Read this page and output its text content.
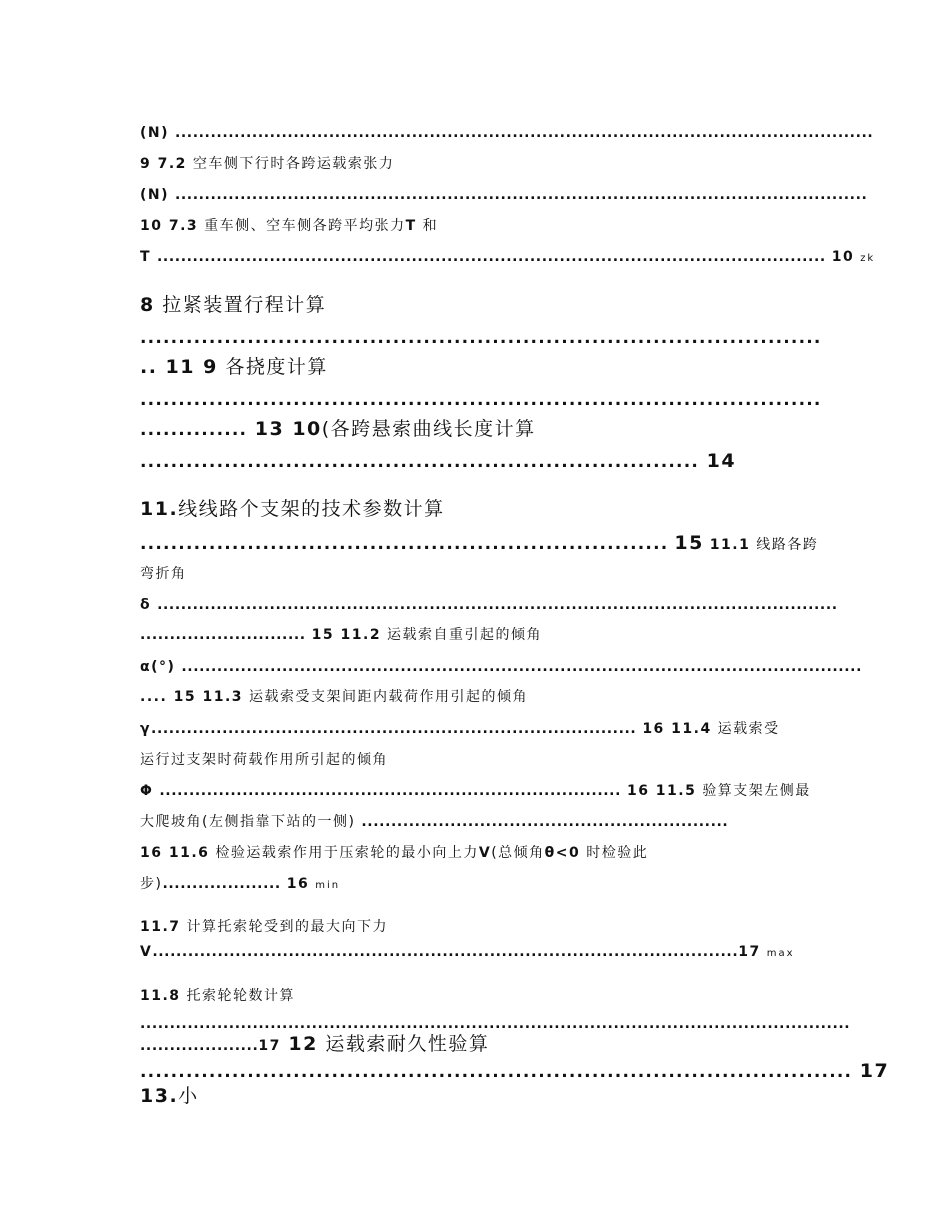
(N) ......................................................................................................................
9 7.2 空车侧下行时各跨运载索张力
(N) .....................................................................................................................
10 7.3 重车侧、空车侧各跨平均张力T 和
T ................................................................................................................. 10 zk
8 拉紧装置行程计算
.........................................................................................
.. 11 9 各挠度计算
.........................................................................................
.............. 13 10(各跨悬索曲线长度计算
......................................................................... 14
11.线线路个支架的技术参数计算
..................................................................... 15 11.1 线路各跨
弯折角
δ ...................................................................................................................
............................ 15 11.2 运载索自重引起的倾角
α(°) ...................................................................................................................
.... 15 11.3 运载索受支架间距内载荷作用引起的倾角
γ.................................................................................. 16 11.4 运载索受
运行过支架时荷载作用所引起的倾角
Φ .............................................................................. 16 11.5 验算支架左侧最
大爬坡角(左侧指靠下站的一侧) ..............................................................
16 11.6 检验运载索作用于压索轮的最小向上力V(总倾角θ<0 时检验此
步).................... 16 min
11.7 计算托索轮受到的最大向下力
V...................................................................................................17 max
11.8 托索轮轮数计算
........................................................................................................................
....................17 12 运载索耐久性验算
............................................................................................. 17
13.小
